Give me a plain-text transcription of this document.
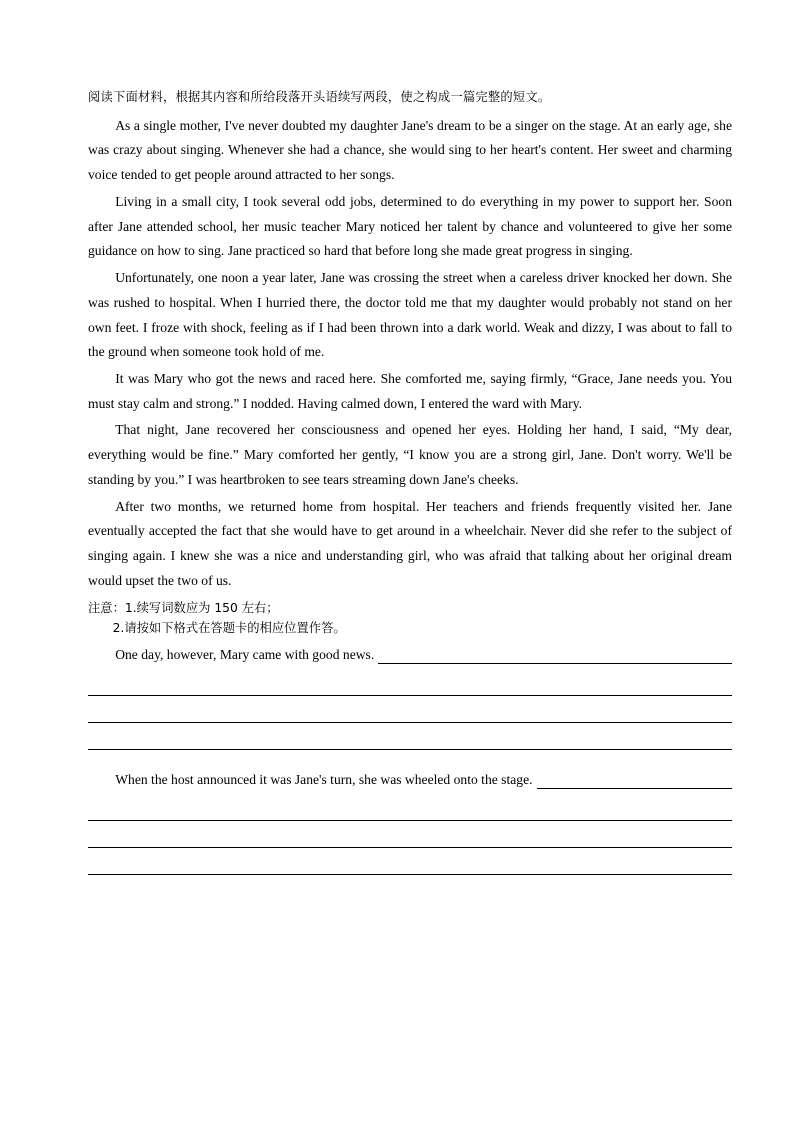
阅读下面材料，根据其内容和所给段落开头语续写两段，使之构成一篇完整的短文。

As a single mother, I've never doubted my daughter Jane's dream to be a singer on the stage. At an early age, she was crazy about singing. Whenever she had a chance, she would sing to her heart's content. Her sweet and charming voice tended to get people around attracted to her songs.

Living in a small city, I took several odd jobs, determined to do everything in my power to support her. Soon after Jane attended school, her music teacher Mary noticed her talent by chance and volunteered to give her some guidance on how to sing. Jane practiced so hard that before long she made great progress in singing.

Unfortunately, one noon a year later, Jane was crossing the street when a careless driver knocked her down. She was rushed to hospital. When I hurried there, the doctor told me that my daughter would probably not stand on her own feet. I froze with shock, feeling as if I had been thrown into a dark world. Weak and dizzy, I was about to fall to the ground when someone took hold of me.

It was Mary who got the news and raced here. She comforted me, saying firmly, “Grace, Jane needs you. You must stay calm and strong.” I nodded. Having calmed down, I entered the ward with Mary.

That night, Jane recovered her consciousness and opened her eyes. Holding her hand, I said, “My dear, everything would be fine.” Mary comforted her gently, “I know you are a strong girl, Jane. Don't worry. We'll be standing by you.” I was heartbroken to see tears streaming down Jane's cheeks.

After two months, we returned home from hospital. Her teachers and friends frequently visited her. Jane eventually accepted the fact that she would have to get around in a wheelchair. Never did she refer to the subject of singing again. I knew she was a nice and understanding girl, who was afraid that talking about her original dream would upset the two of us.

注意：1.续写词数应为 150 左右；
2.请按如下格式在答题卡的相应位置作答。
One day, however, Mary came with good news.
When the host announced it was Jane's turn, she was wheeled onto the stage.
